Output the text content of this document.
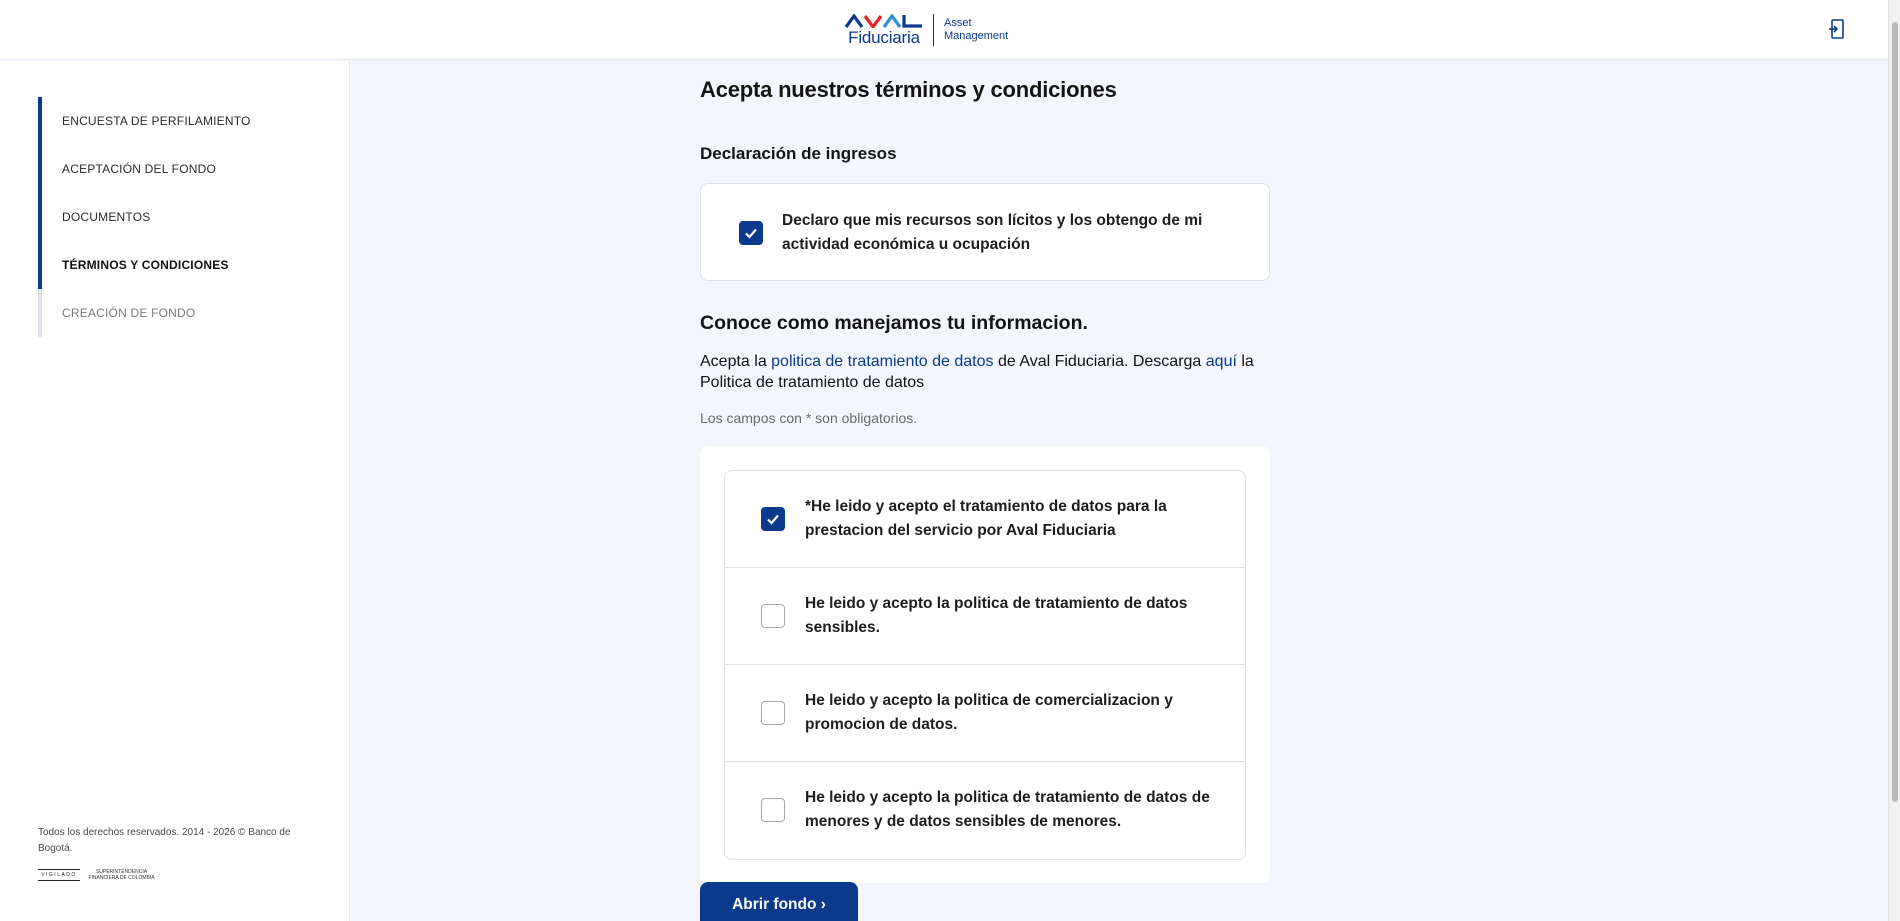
Fiduciaria
Asset
Management
ENCUESTA DE PERFILAMIENTO
ACEPTACIÓN DEL FONDO
DOCUMENTOS
TÉRMINOS Y CONDICIONES
CREACIÓN DE FONDO
Todos los derechos reservados. 2014 - 2026 © Banco de Bogotá.
VIGILADO	SUPERINTENDENCIA FINANCIERA DE COLOMBIA
Acepta nuestros términos y condiciones
Declaración de ingresos
Declaro que mis recursos son lícitos y los obtengo de mi actividad económica u ocupación
Conoce como manejamos tu informacion.

Acepta la politica de tratamiento de datos de Aval Fiduciaria. Descarga aquí la Politica de tratamiento de datos

Los campos con * son obligatorios.

*He leido y acepto el tratamiento de datos para la prestacion del servicio por Aval Fiduciaria
He leido y acepto la politica de tratamiento de datos sensibles.
He leido y acepto la politica de comercializacion y promocion de datos.
He leido y acepto la politica de tratamiento de datos de menores y de datos sensibles de menores.
Abrir fondo ›
